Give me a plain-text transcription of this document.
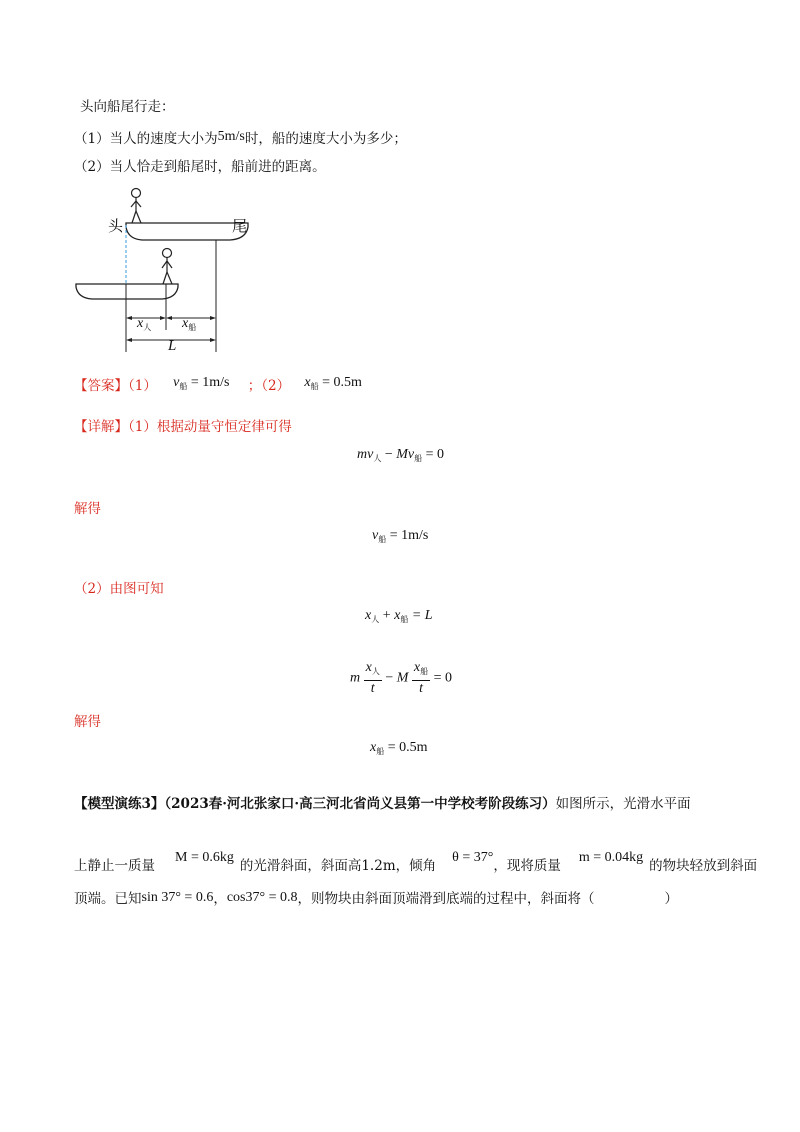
头向船尾行走：
（1）当人的速度大小为5m/s时，船的速度大小为多少；
（2）当人恰走到船尾时，船前进的距离。
头	尾
$x_人$ $x_船$
L
【答案】（1） $v_船 = 1m/s$ ；（2） $x_船 = 0.5m$
【详解】（1）根据动量守恒定律可得
$mv_人 - Mv_船 = 0$
解得
$v_船 = 1m/s$
（2）由图可知
$x_人 + x_船 = L$
m $\frac{x_人}{t} - M \frac{x_船}{t} = 0$
解得
$x_船 = 0.5m$
【模型演练3】（2023春·河北张家口·高三河北省尚义县第一中学校考阶段练习）如图所示，光滑水平面
上静止一质量M = 0.6kg的光滑斜面，斜面高1.2m，倾角θ = 37°，现将质量m = 0.04kg的物块轻放到斜面
顶端。已知sin 37° = 0.6，cos37° = 0.8，则物块由斜面顶端滑到底端的过程中，斜面将（	）
